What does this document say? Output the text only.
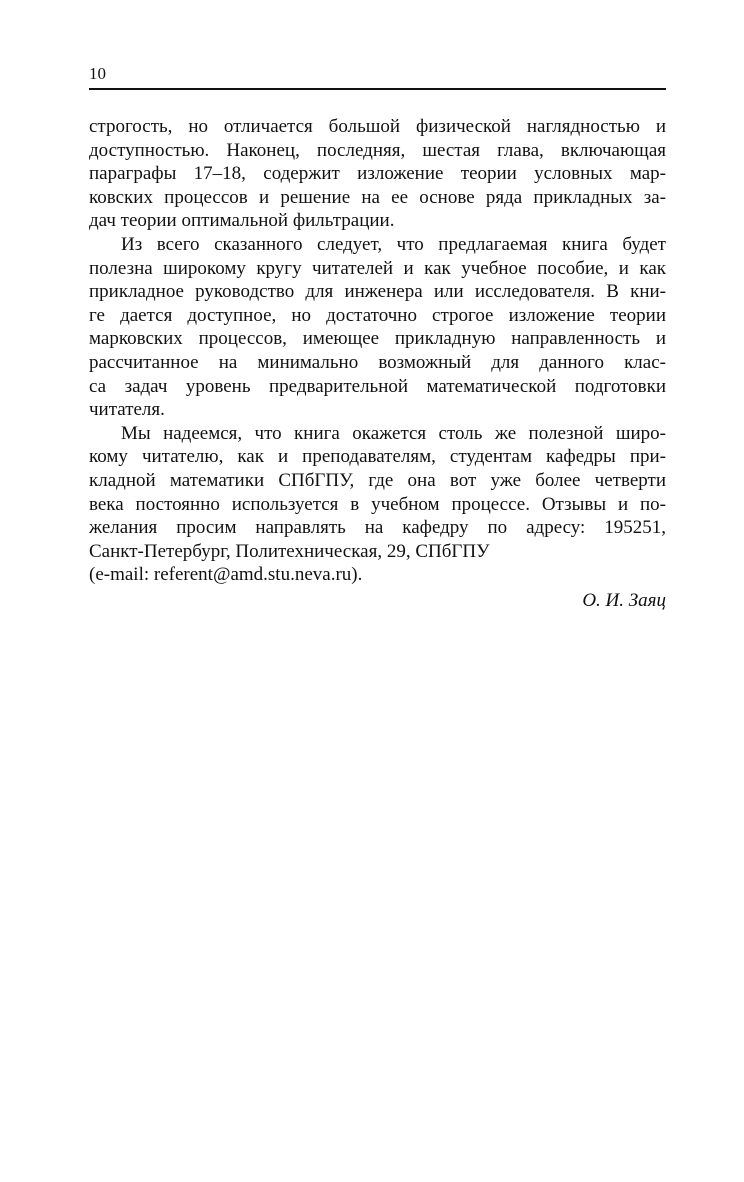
10
строгость, но отличается большой физической наглядностью и
доступностью. Наконец, последняя, шестая глава, включающая
параграфы 17–18, содержит изложение теории условных мар-
ковских процессов и решение на ее основе ряда прикладных за-
дач теории оптимальной фильтрации.
Из всего сказанного следует, что предлагаемая книга будет
полезна широкому кругу читателей и как учебное пособие, и как
прикладное руководство для инженера или исследователя. В кни-
ге дается доступное, но достаточно строгое изложение теории
марковских процессов, имеющее прикладную направленность и
рассчитанное на минимально возможный для данного клас-
са задач уровень предварительной математической подготовки
читателя.
Мы надеемся, что книга окажется столь же полезной широ-
кому читателю, как и преподавателям, студентам кафедры при-
кладной математики СПбГПУ, где она вот уже более четверти
века постоянно используется в учебном процессе. Отзывы и по-
желания просим направлять на кафедру по адресу: 195251,
Санкт-Петербург, Политехническая, 29, СПбГПУ
(e-mail: referent@amd.stu.neva.ru).
О. И. Заяц
